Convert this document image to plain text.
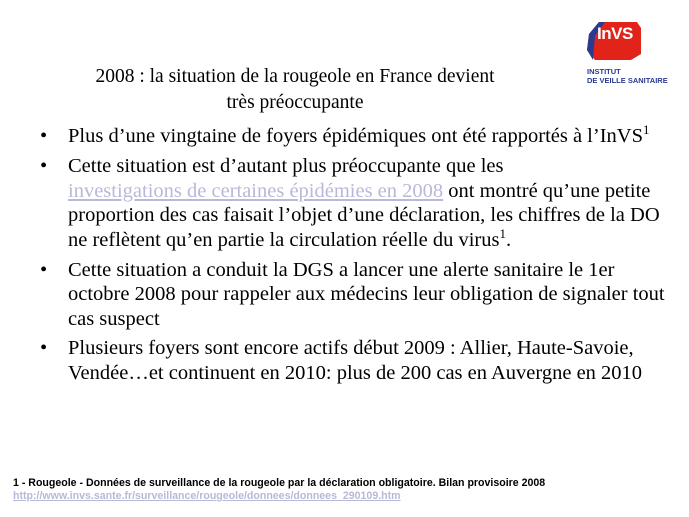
InVS
INSTITUT
DE VEILLE SANITAIRE
2008 : la situation de la rougeole en France devient
très préoccupante
• Plus d’une vingtaine de foyers épidémiques ont été rapportés à l’InVS$^1$
• Cette situation est d’autant plus préoccupante que les
investigations de certaines épidémies en 2008 ont montré qu’une petite proportion des cas faisait l’objet d’une déclaration, les chiffres de la DO ne reflètent qu’en partie la circulation réelle du virus$^1$.
• Cette situation a conduit la DGS a lancer une alerte sanitaire le 1er octobre 2008 pour rappeler aux médecins leur obligation de signaler tout cas suspect
• Plusieurs foyers sont encore actifs début 2009 : Allier, Haute-Savoie, Vendée…et continuent en 2010: plus de 200 cas en Auvergne en 2010
1 - Rougeole - Données de surveillance de la rougeole par la déclaration obligatoire. Bilan provisoire 2008
http://www.invs.sante.fr/surveillance/rougeole/donnees/donnees_290109.htm
